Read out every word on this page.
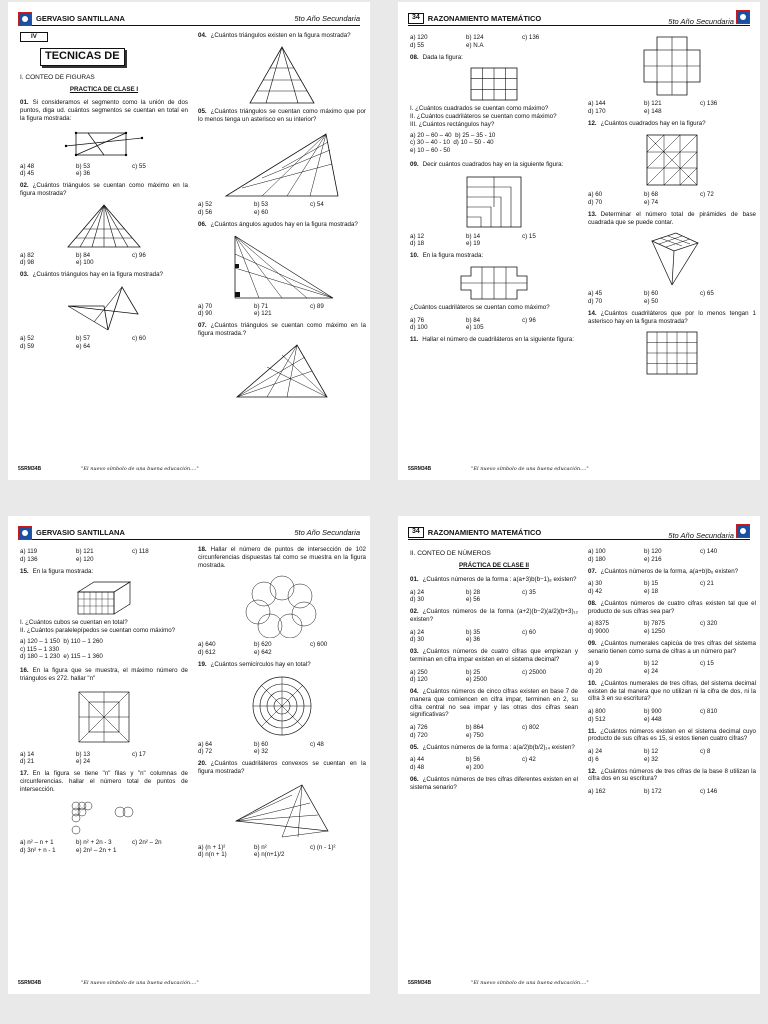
GERVASIO SANTILLANA	5to Año Secundaria
IV
TECNICAS DE
I. CONTEO DE FIGURAS
PRACTICA DE CLASE I
01. Si consideramos el segmento como la unión de dos puntos, diga ud. cuántos segmentos se cuentan en total en la figura mostrada:
a) 48	b) 53	c) 55
d) 45	e) 36
02. ¿Cuántos triángulos se cuentan como máximo en la figura mostrada?
a) 82	b) 84	c) 96
d) 98	e) 100
03. ¿Cuántos triángulos hay en la figura mostrada?
a) 52	b) 57	c) 60
d) 59	e) 64
04. ¿Cuántos triángulos existen en la figura mostrada?
05. ¿Cuántos triángulos se cuentan como máximo que por lo menos tenga un asterisco en su interior?
a) 52	b) 53	c) 54
d) 56	e) 60
06. ¿Cuántos ángulos agudos hay en la figura mostrada?
a) 70	b) 71	c) 89
d) 90	e) 121
07. ¿Cuántos triángulos se cuentan como máximo en la figura mostrada.?
5SRM34B	"El nuevo símbolo de una buena educación...."
34	RAZONAMIENTO MATEMÁTICO	5to Año Secundaria
a) 120	b) 124	c) 136
d) 55	e) N.A
08. Dada la figura:
I. ¿Cuántos cuadrados se cuentan como máximo?
II. ¿Cuántos cuadriláteros se cuentan como máximo?
III. ¿Cuántos rectángulos hay?
a) 20 – 60 – 40 b) 25 – 35 - 10
c) 30 – 40 - 10 d) 10 – 50 - 40
e) 10 – 60 - 50
09. Decir cuántos cuadrados hay en la siguiente figura:
a) 12	b) 14	c) 15
d) 18	e) 19
10. En la figura mostrada:
¿Cuántos cuadriláteros se cuentan como máximo?
a) 76	b) 84	c) 96
d) 100	e) 105
11. Hallar el número de cuadriláteros en la siguiente figura:
a) 144	b) 121	c) 136
d) 170	e) 148
12. ¿Cuántos cuadrados hay en la figura?
a) 60	b) 68	c) 72
d) 70	e) 74
13. Determinar el número total de pirámides de base cuadrada que se puede contar.
a) 45	b) 60	c) 65
d) 70	e) 50
14. ¿Cuántos cuadriláteros que por lo menos tengan 1 asterisco hay en la figura mostrada?
5SRM34B	"El nuevo símbolo de una buena educación...."
GERVASIO SANTILLANA	5to Año Secundaria
a) 119	b) 121	c) 118
d) 136	e) 120
15. En la figura mostrada:
I. ¿Cuántos cubos se cuentan en total?
II. ¿Cuántos paralelepípedos se cuentan como máximo?
a) 120 – 1 150 b) 110 – 1 260
c) 115 – 1 330
d) 180 – 1 230 e) 115 – 1 360
16. En la figura que se muestra, el máximo número de triángulos es 272. hallar "n"
a) 14	b) 13	c) 17
d) 21	e) 24
17. En la figura se tiene "n" filas y "n" columnas de circunferencias. hallar el número total de puntos de intersección.
a) n² – n + 1	b) n² + 2n - 3	c) 2n² – 2n
d) 3n² + n - 1	e) 2n² – 2n + 1
18. Hallar el número de puntos de intersección de 102 circunferencias dispuestas tal como se muestra en la figura mostrada.
a) 640	b) 620	c) 600
d) 612	e) 642
19. ¿Cuántos semicírculos hay en total?
a) 64	b) 60	c) 48
d) 72	e) 32
20. ¿Cuántos cuadriláteros convexos se cuentan en la figura mostrada?
a) (n + 1)²	b) n²	c) (n - 1)²
d) n(n + 1)	e) n(n+1)/2
5SRM34B	"El nuevo símbolo de una buena educación...."
34	RAZONAMIENTO MATEMÁTICO	5to Año Secundaria
II. CONTEO DE NÚMEROS
PRÁCTICA DE CLASE II
01. ¿Cuántos números de la forma : a(a+3)b(b−1)₈ existen?
a) 24	b) 28	c) 35
d) 30	e) 56
02. ¿Cuántos números de la forma (a+2)(b−2)(a/2)(b+3)₁₂ existen?
a) 24	b) 35	c) 60
d) 30	e) 36
03. ¿Cuántos números de cuatro cifras que empiezan y terminan en cifra impar existen en el sistema decimal?
a) 250	b) 25	c) 25000
d) 120	e) 2500
04. ¿Cuántos números de cinco cifras existen en base 7 de manera que comiencen en cifra impar, terminen en 2, su cifra central no sea impar y las otras dos cifras sean significativas?
a) 726	b) 864	c) 802
d) 720	e) 750
05. ¿Cuántos números de la forma : a(a/2)b(b/2)₁₄ existen?
a) 44	b) 56	c) 42
d) 48	e) 200
06. ¿Cuántos números de tres cifras diferentes existen en el sistema senario?
a) 100	b) 120	c) 140
d) 180	e) 216
07. ¿Cuántos números de la forma, a(a+b)b₆ existen?
a) 30	b) 15	c) 21
d) 42	e) 18
08. ¿Cuántos números de cuatro cifras existen tal que el producto de sus cifras sea par?
a) 8375	b) 7875	c) 320
d) 9000	e) 1250
09. ¿Cuántos numerales capicúa de tres cifras del sistema senario tienen como suma de cifras a un número par?
a) 9	b) 12	c) 15
d) 20	e) 24
10. ¿Cuántos numerales de tres cifras, del sistema decimal existen de tal manera que no utilizan ni la cifra de dos, ni la cifra 3 en su escritura?
a) 800	b) 900	c) 810
d) 512	e) 448
11. ¿Cuántos números existen en el sistema decimal cuyo producto de sus cifras es 15, si estos tienen cuatro cifras?
a) 24	b) 12	c) 8
d) 6	e) 32
12. ¿Cuántos números de tres cifras de la base 8 utilizan la cifra dos en su escritura?
a) 162	b) 172	c) 146
5SRM34B	"El nuevo símbolo de una buena educación...."
